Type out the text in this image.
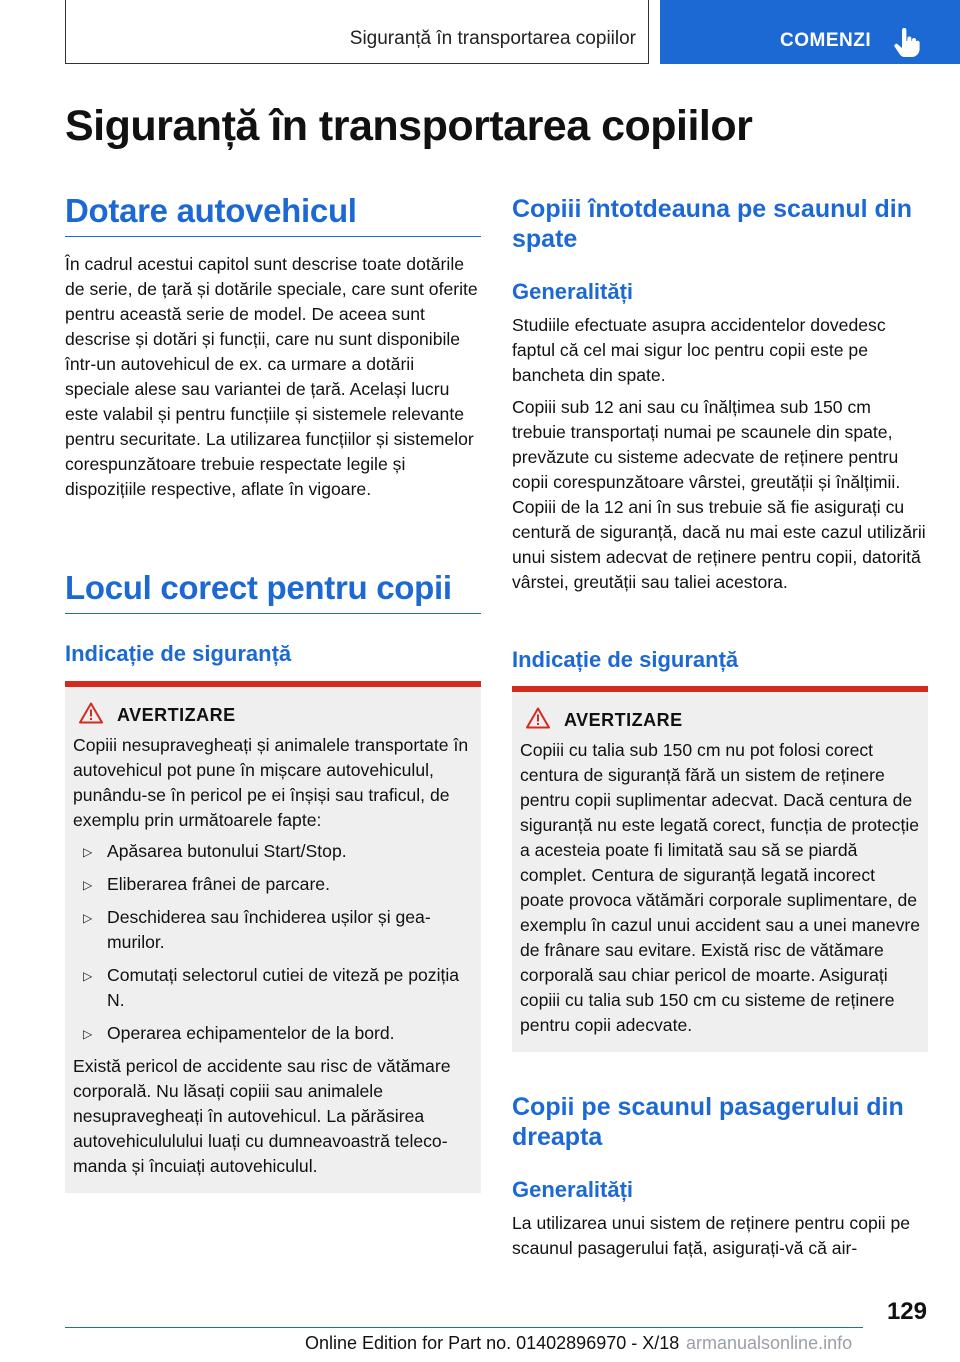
Siguranță în transportarea copiilor	COMENZI
Siguranță în transportarea copiilor
Dotare autovehicul
În cadrul acestui capitol sunt descrise toate dotările de serie, de țară și dotările speciale, care sunt oferite pentru această serie de model. De aceea sunt descrise și dotări și funcții, care nu sunt disponibile într-un autovehicul de ex. ca urmare a dotării speciale alese sau variantei de țară. Același lucru este valabil și pentru funcțiile și sistemele relevante pentru securitate. La utilizarea funcțiilor și sistemelor corespunzătoare trebuie respectate legile și dispozițiile respective, aflate în vigoare.
Locul corect pentru copii
Indicație de siguranță
AVERTIZARE
Copiii nesupravegheați și animalele transportate în autovehicul pot pune în mișcare autovehiculul, punându-se în pericol pe ei înșiși sau traficul, de exemplu prin următoarele fapte:
▷ Apăsarea butonului Start/Stop.
▷ Eliberarea frânei de parcare.
▷ Deschiderea sau închiderea ușilor și geamurilor.
▷ Comutați selectorul cutiei de viteză pe poziția N.
▷ Operarea echipamentelor de la bord.
Există pericol de accidente sau risc de vătămare corporală. Nu lăsați copiii sau animalele nesupravegheați în autovehicul. La părăsirea autovehicululului luați cu dumneavoastră telecomanda și încuiați autovehiculul.
Copiii întotdeauna pe scaunul din spate
Generalități
Studiile efectuate asupra accidentelor dovedesc faptul că cel mai sigur loc pentru copii este pe bancheta din spate.
Copiii sub 12 ani sau cu înălțimea sub 150 cm trebuie transportați numai pe scaunele din spate, prevăzute cu sisteme adecvate de reținere pentru copii corespunzătoare vârstei, greutății și înălțimii. Copiii de la 12 ani în sus trebuie să fie asigurați cu centură de siguranță, dacă nu mai este cazul utilizării unui sistem adecvat de reținere pentru copii, datorită vârstei, greutății sau taliei acestora.
Indicație de siguranță
AVERTIZARE
Copiii cu talia sub 150 cm nu pot folosi corect centura de siguranță fără un sistem de reținere pentru copii suplimentar adecvat. Dacă centura de siguranță nu este legată corect, funcția de protecție a acesteia poate fi limitată sau să se piardă complet. Centura de siguranță legată incorect poate provoca vătămări corporale suplimentare, de exemplu în cazul unui accident sau a unei manevre de frânare sau evitare. Există risc de vătămare corporală sau chiar pericol de moarte. Asigurați copiii cu talia sub 150 cm cu sisteme de reținere pentru copii adecvate.
Copii pe scaunul pasagerului din dreapta
Generalități
La utilizarea unui sistem de reținere pentru copii pe scaunul pasagerului față, asigurați-vă că air-
129
Online Edition for Part no. 01402896970 - X/18 armanualsonline.info
